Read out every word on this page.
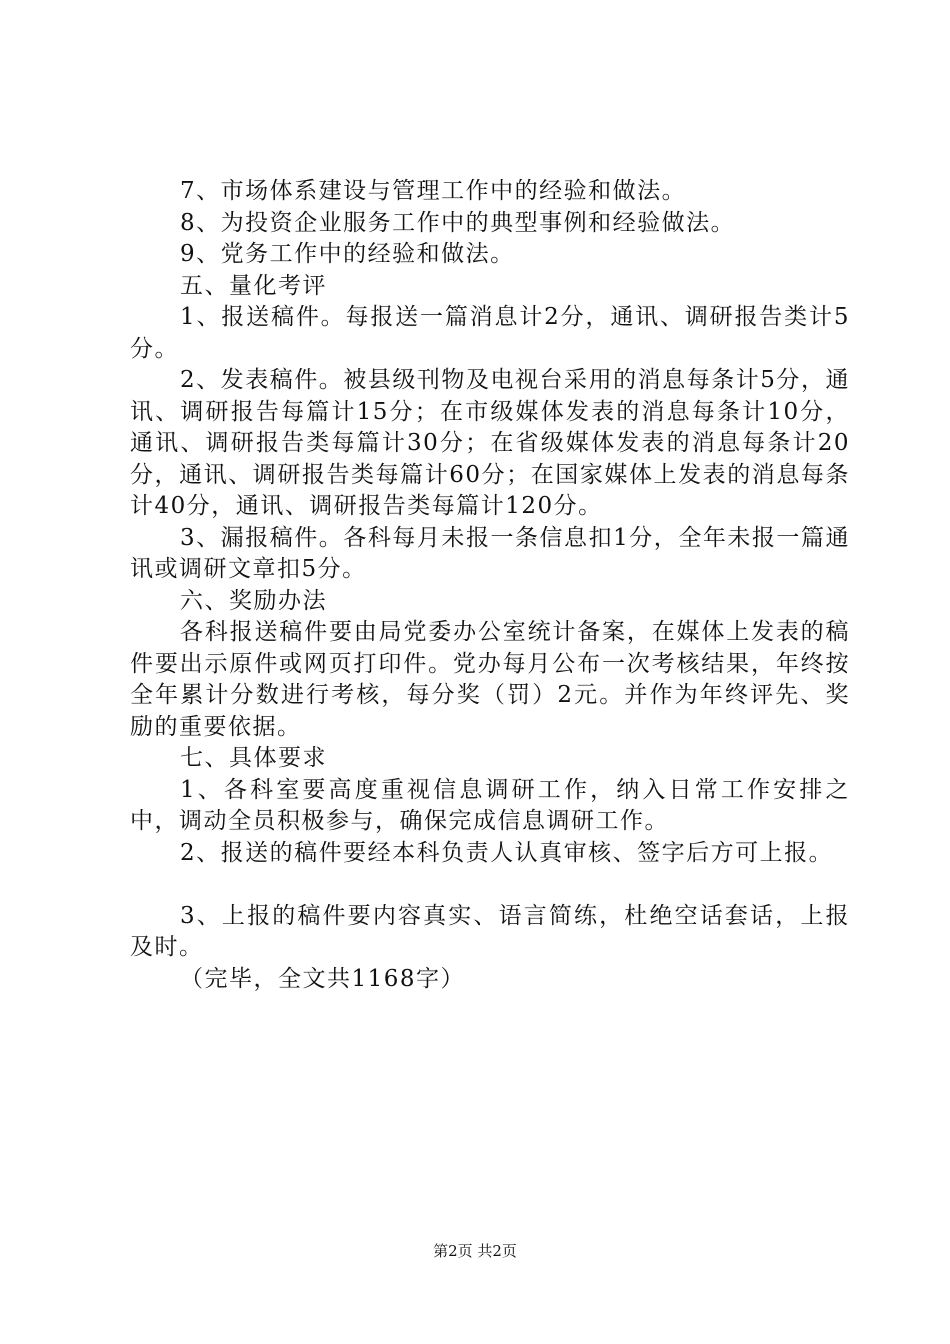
7、市场体系建设与管理工作中的经验和做法。

8、为投资企业服务工作中的典型事例和经验做法。

9、党务工作中的经验和做法。

五、量化考评

1、报送稿件。每报送一篇消息计2分，通讯、调研报告类计5分。

2、发表稿件。被县级刊物及电视台采用的消息每条计5分，通讯、调研报告每篇计15分；在市级媒体发表的消息每条计10分，通讯、调研报告类每篇计30分；在省级媒体发表的消息每条计20分，通讯、调研报告类每篇计60分；在国家媒体上发表的消息每条计40分，通讯、调研报告类每篇计120分。

3、漏报稿件。各科每月未报一条信息扣1分，全年未报一篇通讯或调研文章扣5分。

六、奖励办法

各科报送稿件要由局党委办公室统计备案，在媒体上发表的稿件要出示原件或网页打印件。党办每月公布一次考核结果，年终按全年累计分数进行考核，每分奖（罚）2元。并作为年终评先、奖励的重要依据。

七、具体要求

1、各科室要高度重视信息调研工作，纳入日常工作安排之中，调动全员积极参与，确保完成信息调研工作。

2、报送的稿件要经本科负责人认真审核、签字后方可上报。

3、上报的稿件要内容真实、语言简练，杜绝空话套话，上报及时。

（完毕，全文共1168字）

第2页 共2页
